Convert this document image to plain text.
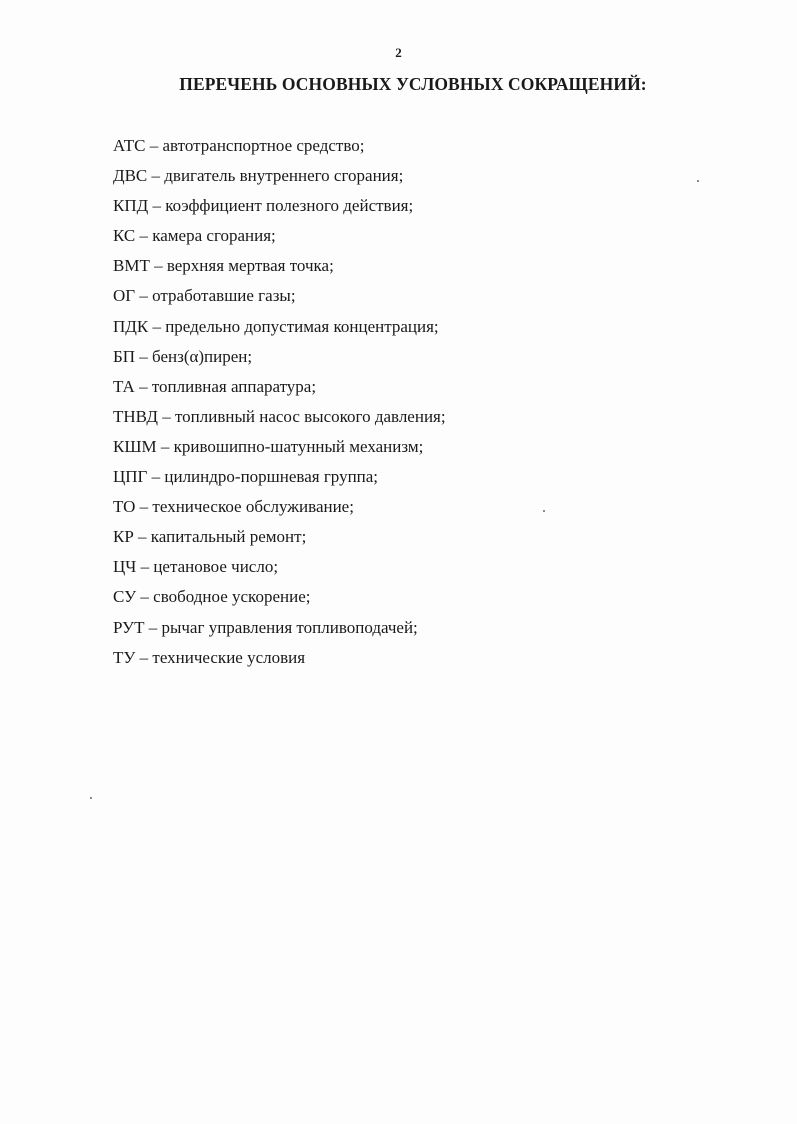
2
ПЕРЕЧЕНЬ ОСНОВНЫХ УСЛОВНЫХ СОКРАЩЕНИЙ:
АТС – автотранспортное средство;
ДВС – двигатель внутреннего сгорания;
КПД – коэффициент полезного действия;
КС – камера сгорания;
ВМТ – верхняя мертвая точка;
ОГ – отработавшие газы;
ПДК – предельно допустимая концентрация;
БП – бенз(α)пирен;
ТА – топливная аппаратура;
ТНВД – топливный насос высокого давления;
КШМ – кривошипно-шатунный механизм;
ЦПГ – цилиндро-поршневая группа;
ТО – техническое обслуживание;
КР – капитальный ремонт;
ЦЧ – цетановое число;
СУ – свободное ускорение;
РУТ – рычаг управления топливоподачей;
ТУ – технические условия
